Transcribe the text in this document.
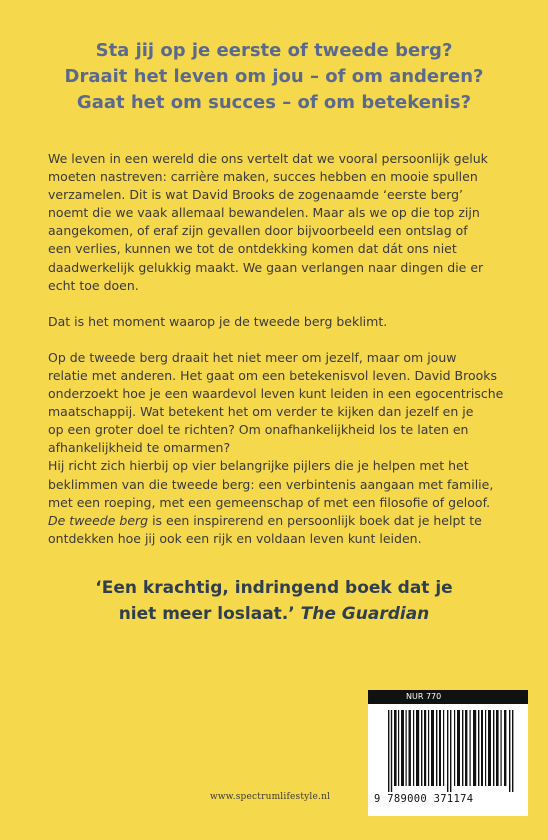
Sta jij op je eerste of tweede berg?
Draait het leven om jou – of om anderen?
Gaat het om succes – of om betekenis?

We leven in een wereld die ons vertelt dat we vooral persoonlijk geluk
moeten nastreven: carrière maken, succes hebben en mooie spullen
verzamelen. Dit is wat David Brooks de zogenaamde ‘eerste berg’
noemt die we vaak allemaal bewandelen. Maar als we op die top zijn
aangekomen, of eraf zijn gevallen door bijvoorbeeld een ontslag of
een verlies, kunnen we tot de ontdekking komen dat dát ons niet
daadwerkelijk gelukkig maakt. We gaan verlangen naar dingen die er
echt toe doen.

Dat is het moment waarop je de tweede berg beklimt.

Op de tweede berg draait het niet meer om jezelf, maar om jouw
relatie met anderen. Het gaat om een betekenisvol leven. David Brooks
onderzoekt hoe je een waardevol leven kunt leiden in een egocentrische
maatschappij. Wat betekent het om verder te kijken dan jezelf en je
op een groter doel te richten? Om onafhankelijkheid los te laten en
afhankelijkheid te omarmen?
Hij richt zich hierbij op vier belangrijke pijlers die je helpen met het
beklimmen van die tweede berg: een verbintenis aangaan met familie,
met een roeping, met een gemeenschap of met een filosofie of geloof.
De tweede berg is een inspirerend en persoonlijk boek dat je helpt te
ontdekken hoe jij ook een rijk en voldaan leven kunt leiden.

‘Een krachtig, indringend boek dat je
niet meer loslaat.’ The Guardian
NUR 770
9 789000 371174
www.spectrumlifestyle.nl
